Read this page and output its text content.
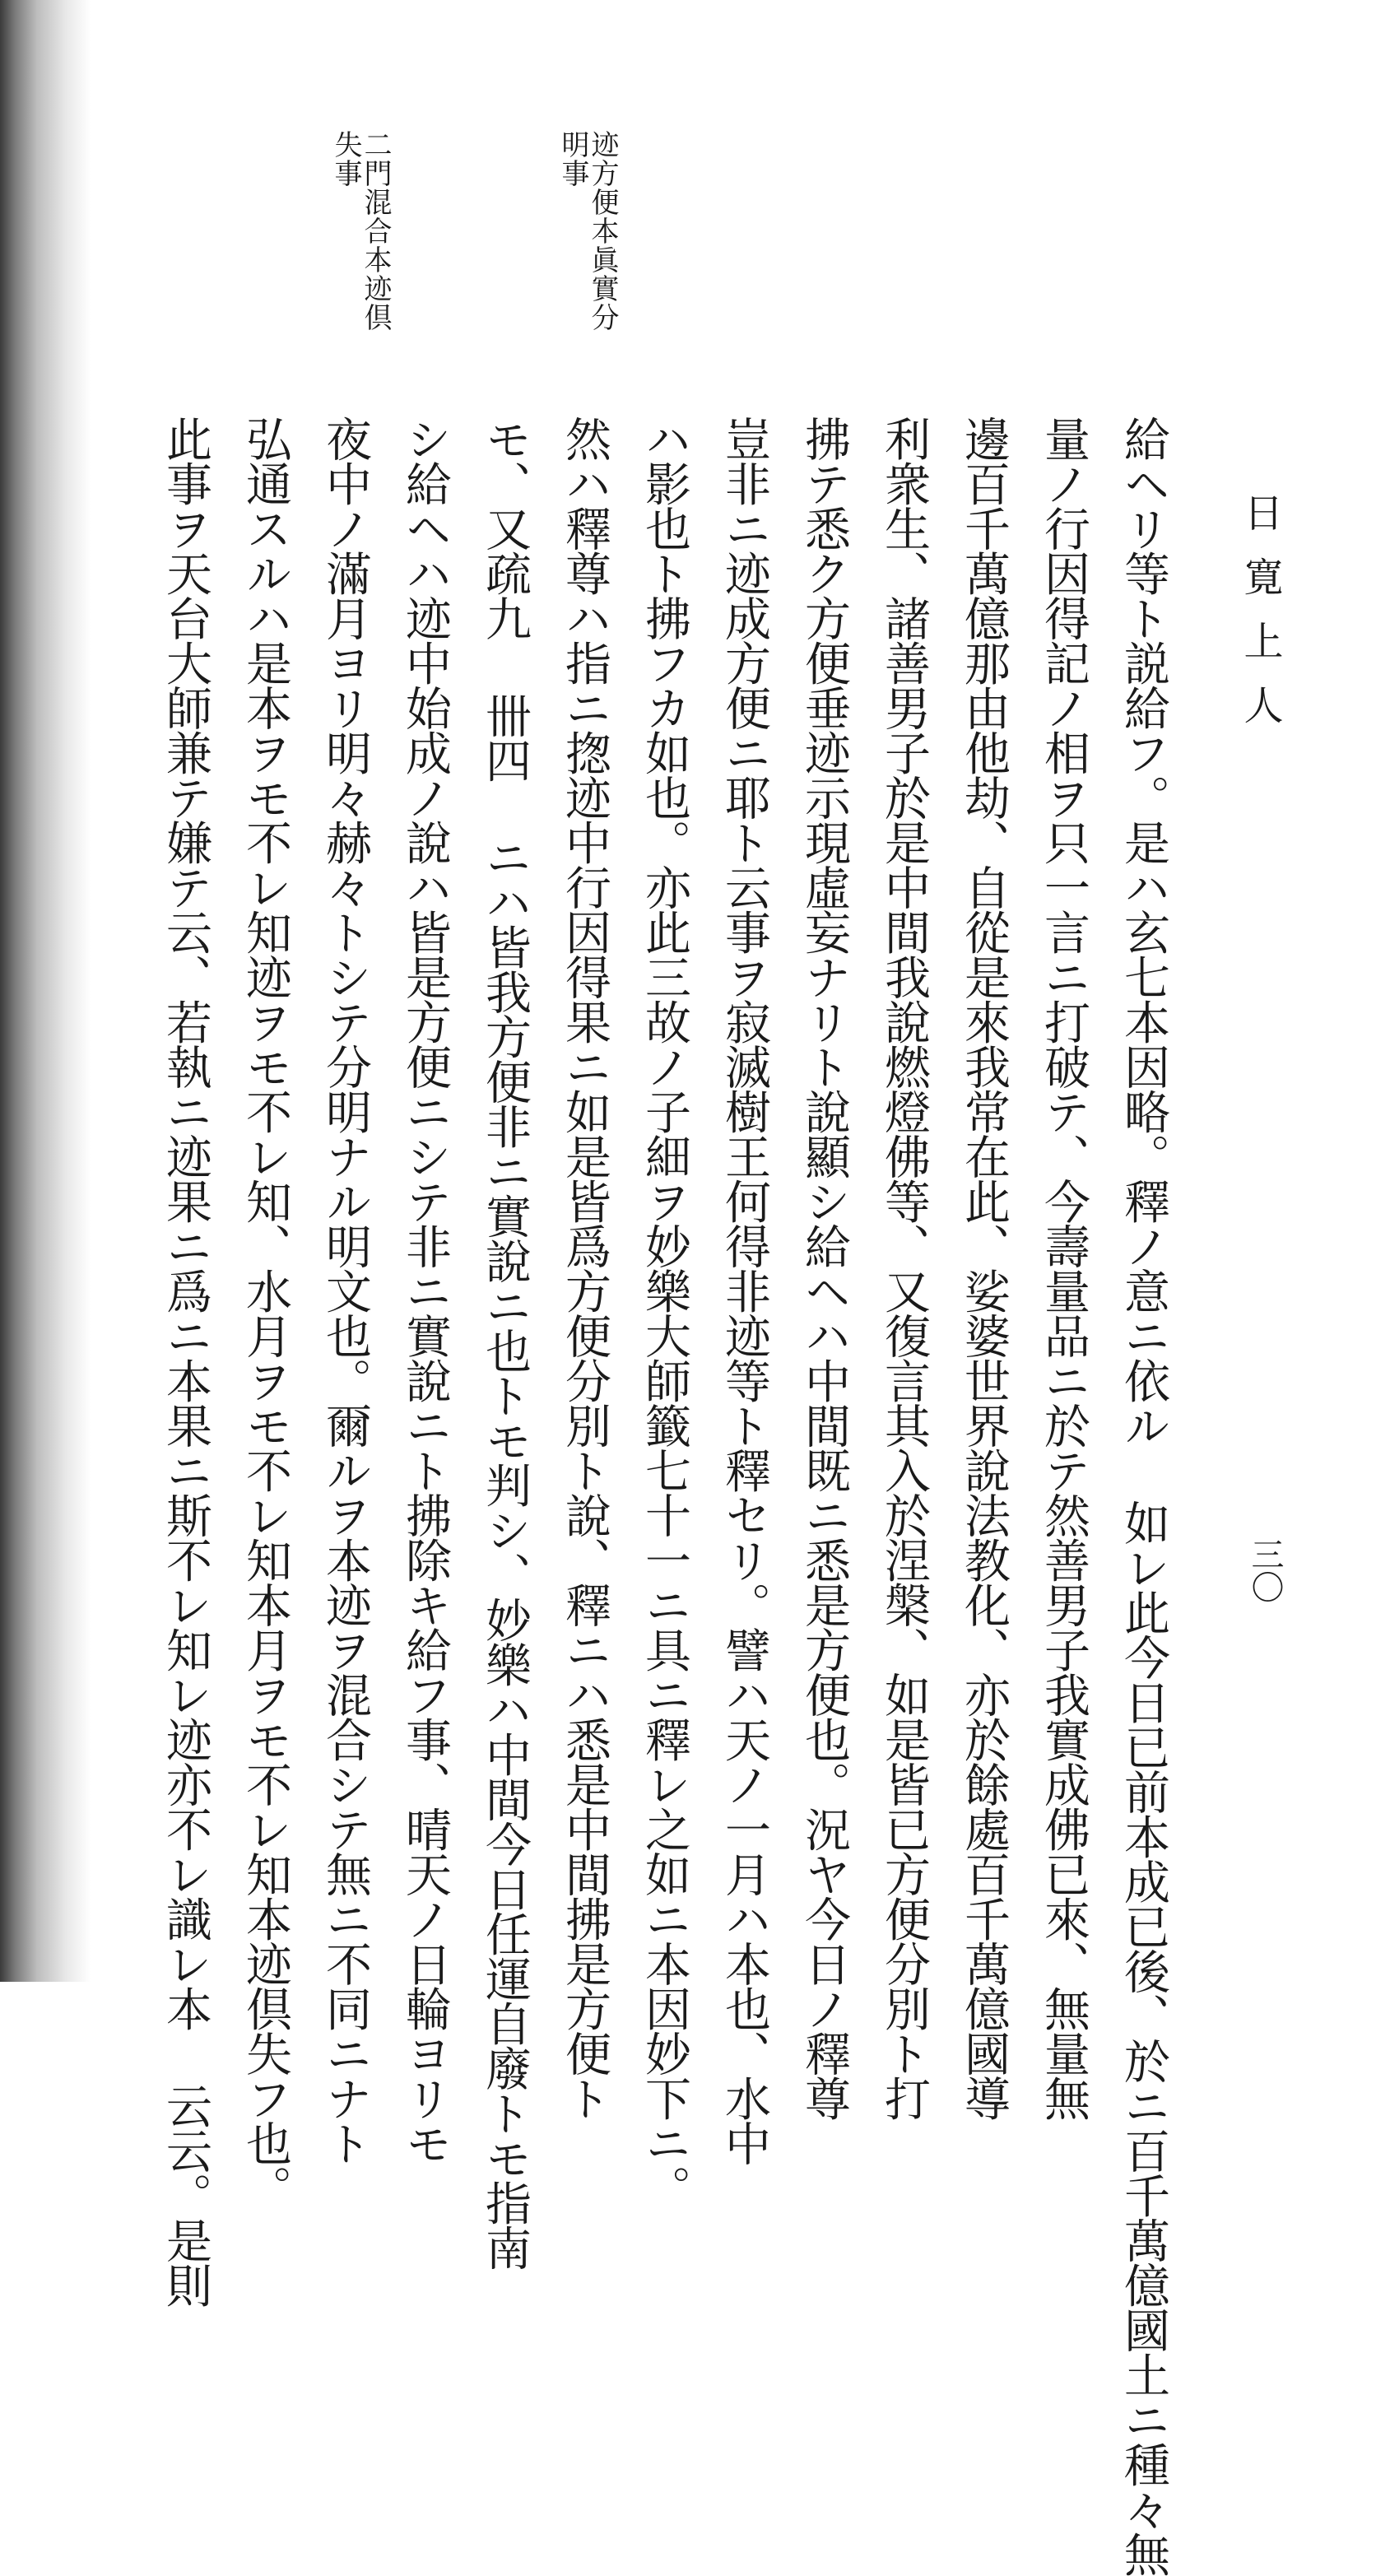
日寛上人
三〇
迹方便本眞實分
明事
二門混合本迹倶
失事
給ヘリ等ト説給フ。是ハ玄七本因略。釋ノ意ニ依ル 如レ此今日已前本成已後、於ニ百千萬億國土ニ種々無
量ノ行因得記ノ相ヲ只一言ニ打破テ、今壽量品ニ於テ然善男子我實成佛已來、無量無
邊百千萬億那由他劫、自從是來我常在此、娑婆世界說法教化、亦於餘處百千萬億國導
利衆生、諸善男子於是中間我說燃燈佛等、又復言其入於涅槃、如是皆已方便分別ト打
拂テ悉ク方便垂迹示現虛妄ナリト說顯シ給ヘハ中間既ニ悉是方便也。況ヤ今日ノ釋尊
豈非ニ迹成方便ニ耶ト云事ヲ寂滅樹王何得非迹等ト釋セリ。譬ハ天ノ一月ハ本也、水中
ハ影也ト拂フカ如也。亦此三故ノ子細ヲ妙樂大師籤七十一ニ具ニ釋レ之如ニ本因妙下ニ。
然ハ釋尊ハ指ニ揔迹中行因得果ニ如是皆爲方便分別ト說、釋ニハ悉是中間拂是方便ト
モ、又疏九 卌四 ニハ皆我方便非ニ實說ニ也トモ判シ、妙樂ハ中間今日任運自廢トモ指南
シ給ヘハ迹中始成ノ說ハ皆是方便ニシテ非ニ實說ニト拂除キ給フ事、晴天ノ日輪ヨリモ
夜中ノ滿月ヨリ明々赫々トシテ分明ナル明文也。爾ルヲ本迹ヲ混合シテ無ニ不同ニナト
弘通スルハ是本ヲモ不レ知迹ヲモ不レ知、水月ヲモ不レ知本月ヲモ不レ知本迹倶失フ也。
此事ヲ天台大師兼テ嫌テ云、若執ニ迹果ニ爲ニ本果ニ斯不レ知レ迹亦不レ識レ本 云云。是則
